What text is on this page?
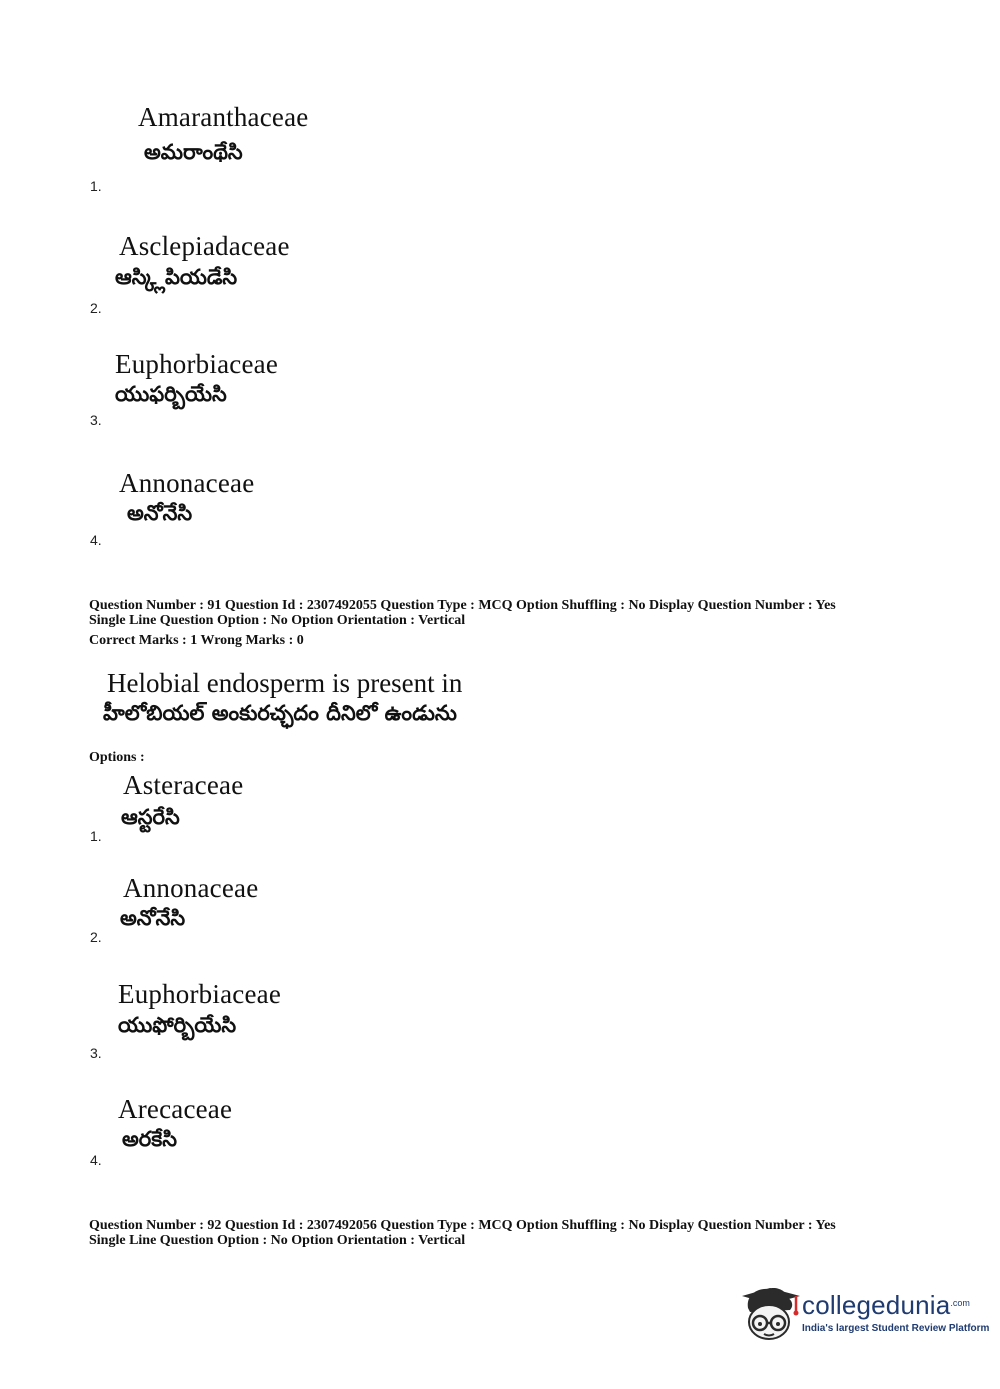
Amaranthaceae
అమరాంథేసి
1.
Asclepiadaceae
ఆస్క్లిపియడేసి
2.
Euphorbiaceae
యుఫర్బియేసి
3.
Annonaceae
అనోనేసి
4.
Question Number : 91 Question Id : 2307492055 Question Type : MCQ Option Shuffling : No Display Question Number : Yes
Single Line Question Option : No Option Orientation : Vertical
Correct Marks : 1 Wrong Marks : 0
Helobial endosperm is present in
హీలోబియల్ అంకురచ్ఛదం దీనిలో ఉండును
Options :
Asteraceae
ఆస్టరేసి
1.
Annonaceae
అనోనేసి
2.
Euphorbiaceae
యుఫోర్బియేసి
3.
Arecaceae
అరకేసి
4.
Question Number : 92 Question Id : 2307492056 Question Type : MCQ Option Shuffling : No Display Question Number : Yes
Single Line Question Option : No Option Orientation : Vertical
collegedunia$^{.com}$
India's largest Student Review Platform
